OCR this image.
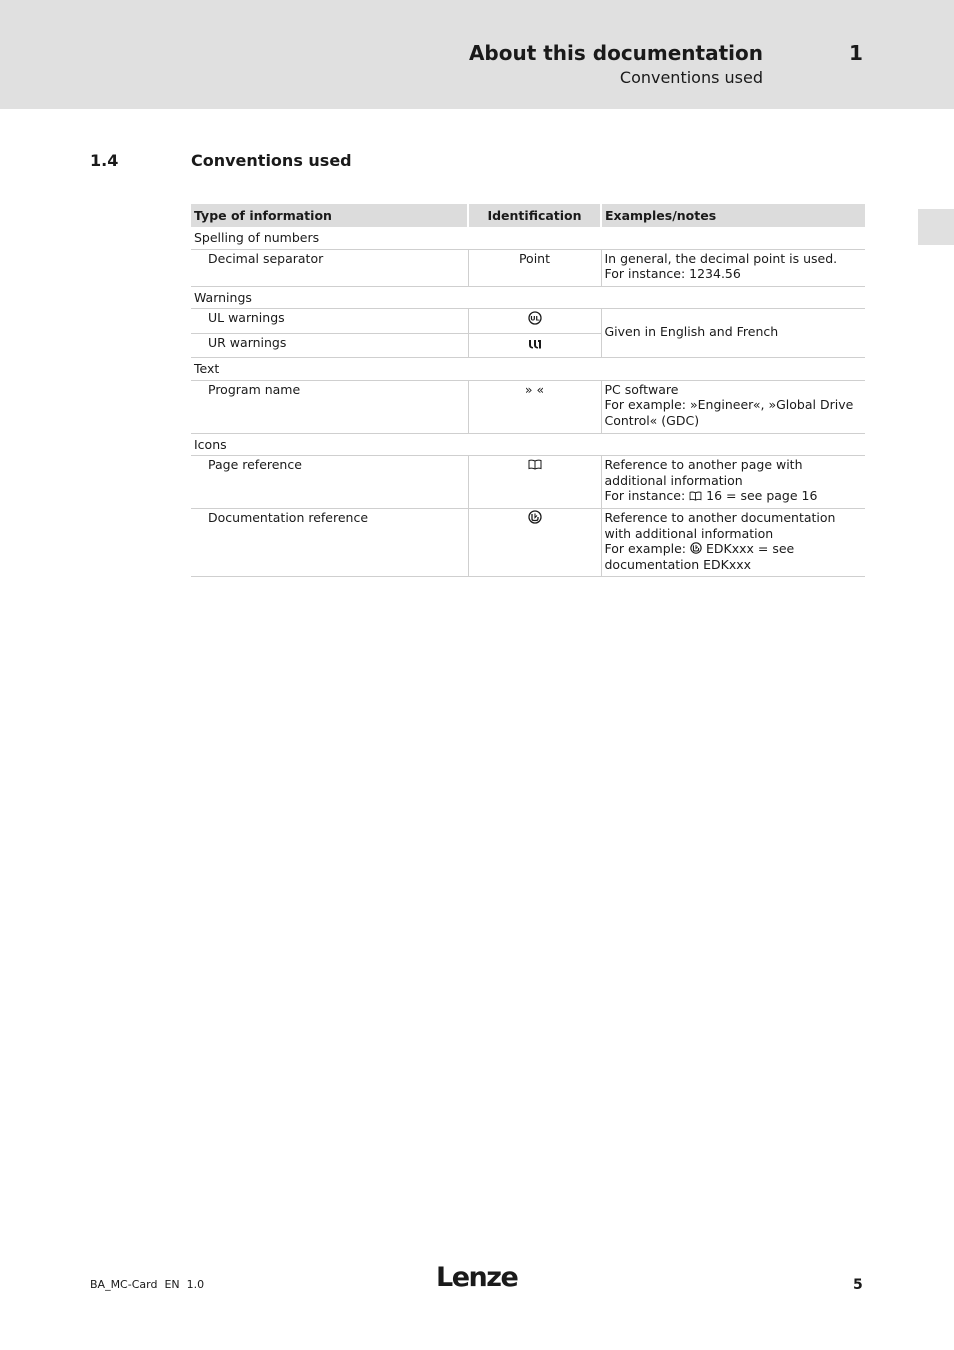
About this documentation
Conventions used
1
1.4	Conventions used
Type of information	Identification	Examples/notes
Spelling of numbers		
Decimal separator	Point	In general, the decimal point is used.
For instance: 1234.56

Warnings		
UL warnings	UL	Given in English and French
UR warnings	
Text		
Program name	» «	PC software
For example: »Engineer«, »Global Drive Control« (GDC)

Icons		
Page reference		Reference to another page with additional information
For instance: 16 = see page 16

Documentation reference		Reference to another documentation with additional information
For example: EDKxxx = see documentation EDKxxx
BA_MC-Card EN 1.0	Lenze	5
